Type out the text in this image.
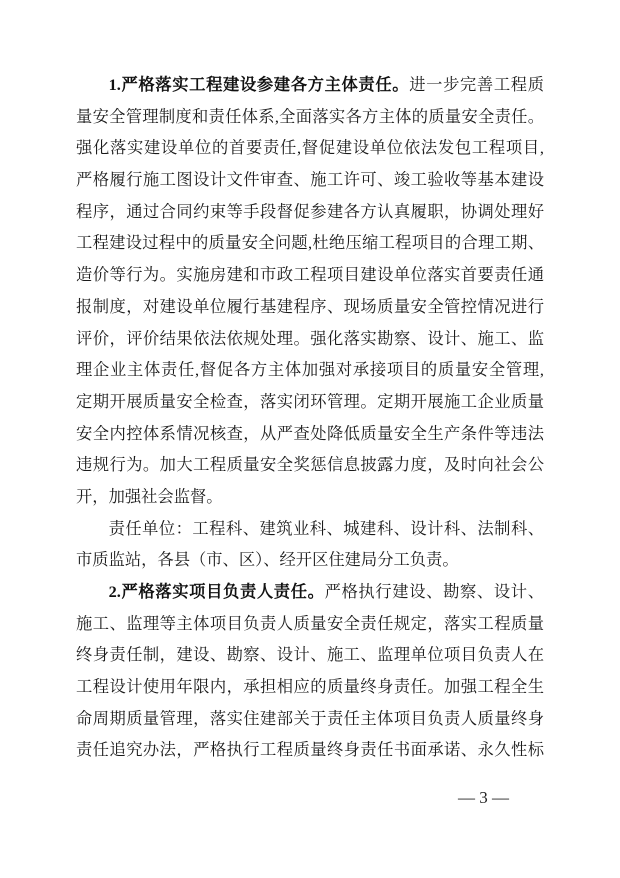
1.严格落实工程建设参建各方主体责任。进一步完善工程质
量安全管理制度和责任体系,全面落实各方主体的质量安全责任。
强化落实建设单位的首要责任,督促建设单位依法发包工程项目,
严格履行施工图设计文件审查、施工许可、竣工验收等基本建设
程序，通过合同约束等手段督促参建各方认真履职，协调处理好
工程建设过程中的质量安全问题,杜绝压缩工程项目的合理工期、
造价等行为。实施房建和市政工程项目建设单位落实首要责任通
报制度，对建设单位履行基建程序、现场质量安全管控情况进行
评价，评价结果依法依规处理。强化落实勘察、设计、施工、监
理企业主体责任,督促各方主体加强对承接项目的质量安全管理,
定期开展质量安全检查，落实闭环管理。定期开展施工企业质量
安全内控体系情况核查，从严查处降低质量安全生产条件等违法
违规行为。加大工程质量安全奖惩信息披露力度，及时向社会公
开，加强社会监督。
责任单位：工程科、建筑业科、城建科、设计科、法制科、
市质监站，各县（市、区）、经开区住建局分工负责。
2.严格落实项目负责人责任。严格执行建设、勘察、设计、
施工、监理等主体项目负责人质量安全责任规定，落实工程质量
终身责任制，建设、勘察、设计、施工、监理单位项目负责人在
工程设计使用年限内，承担相应的质量终身责任。加强工程全生
命周期质量管理，落实住建部关于责任主体项目负责人质量终身
责任追究办法，严格执行工程质量终身责任书面承诺、永久性标
— 3 —
